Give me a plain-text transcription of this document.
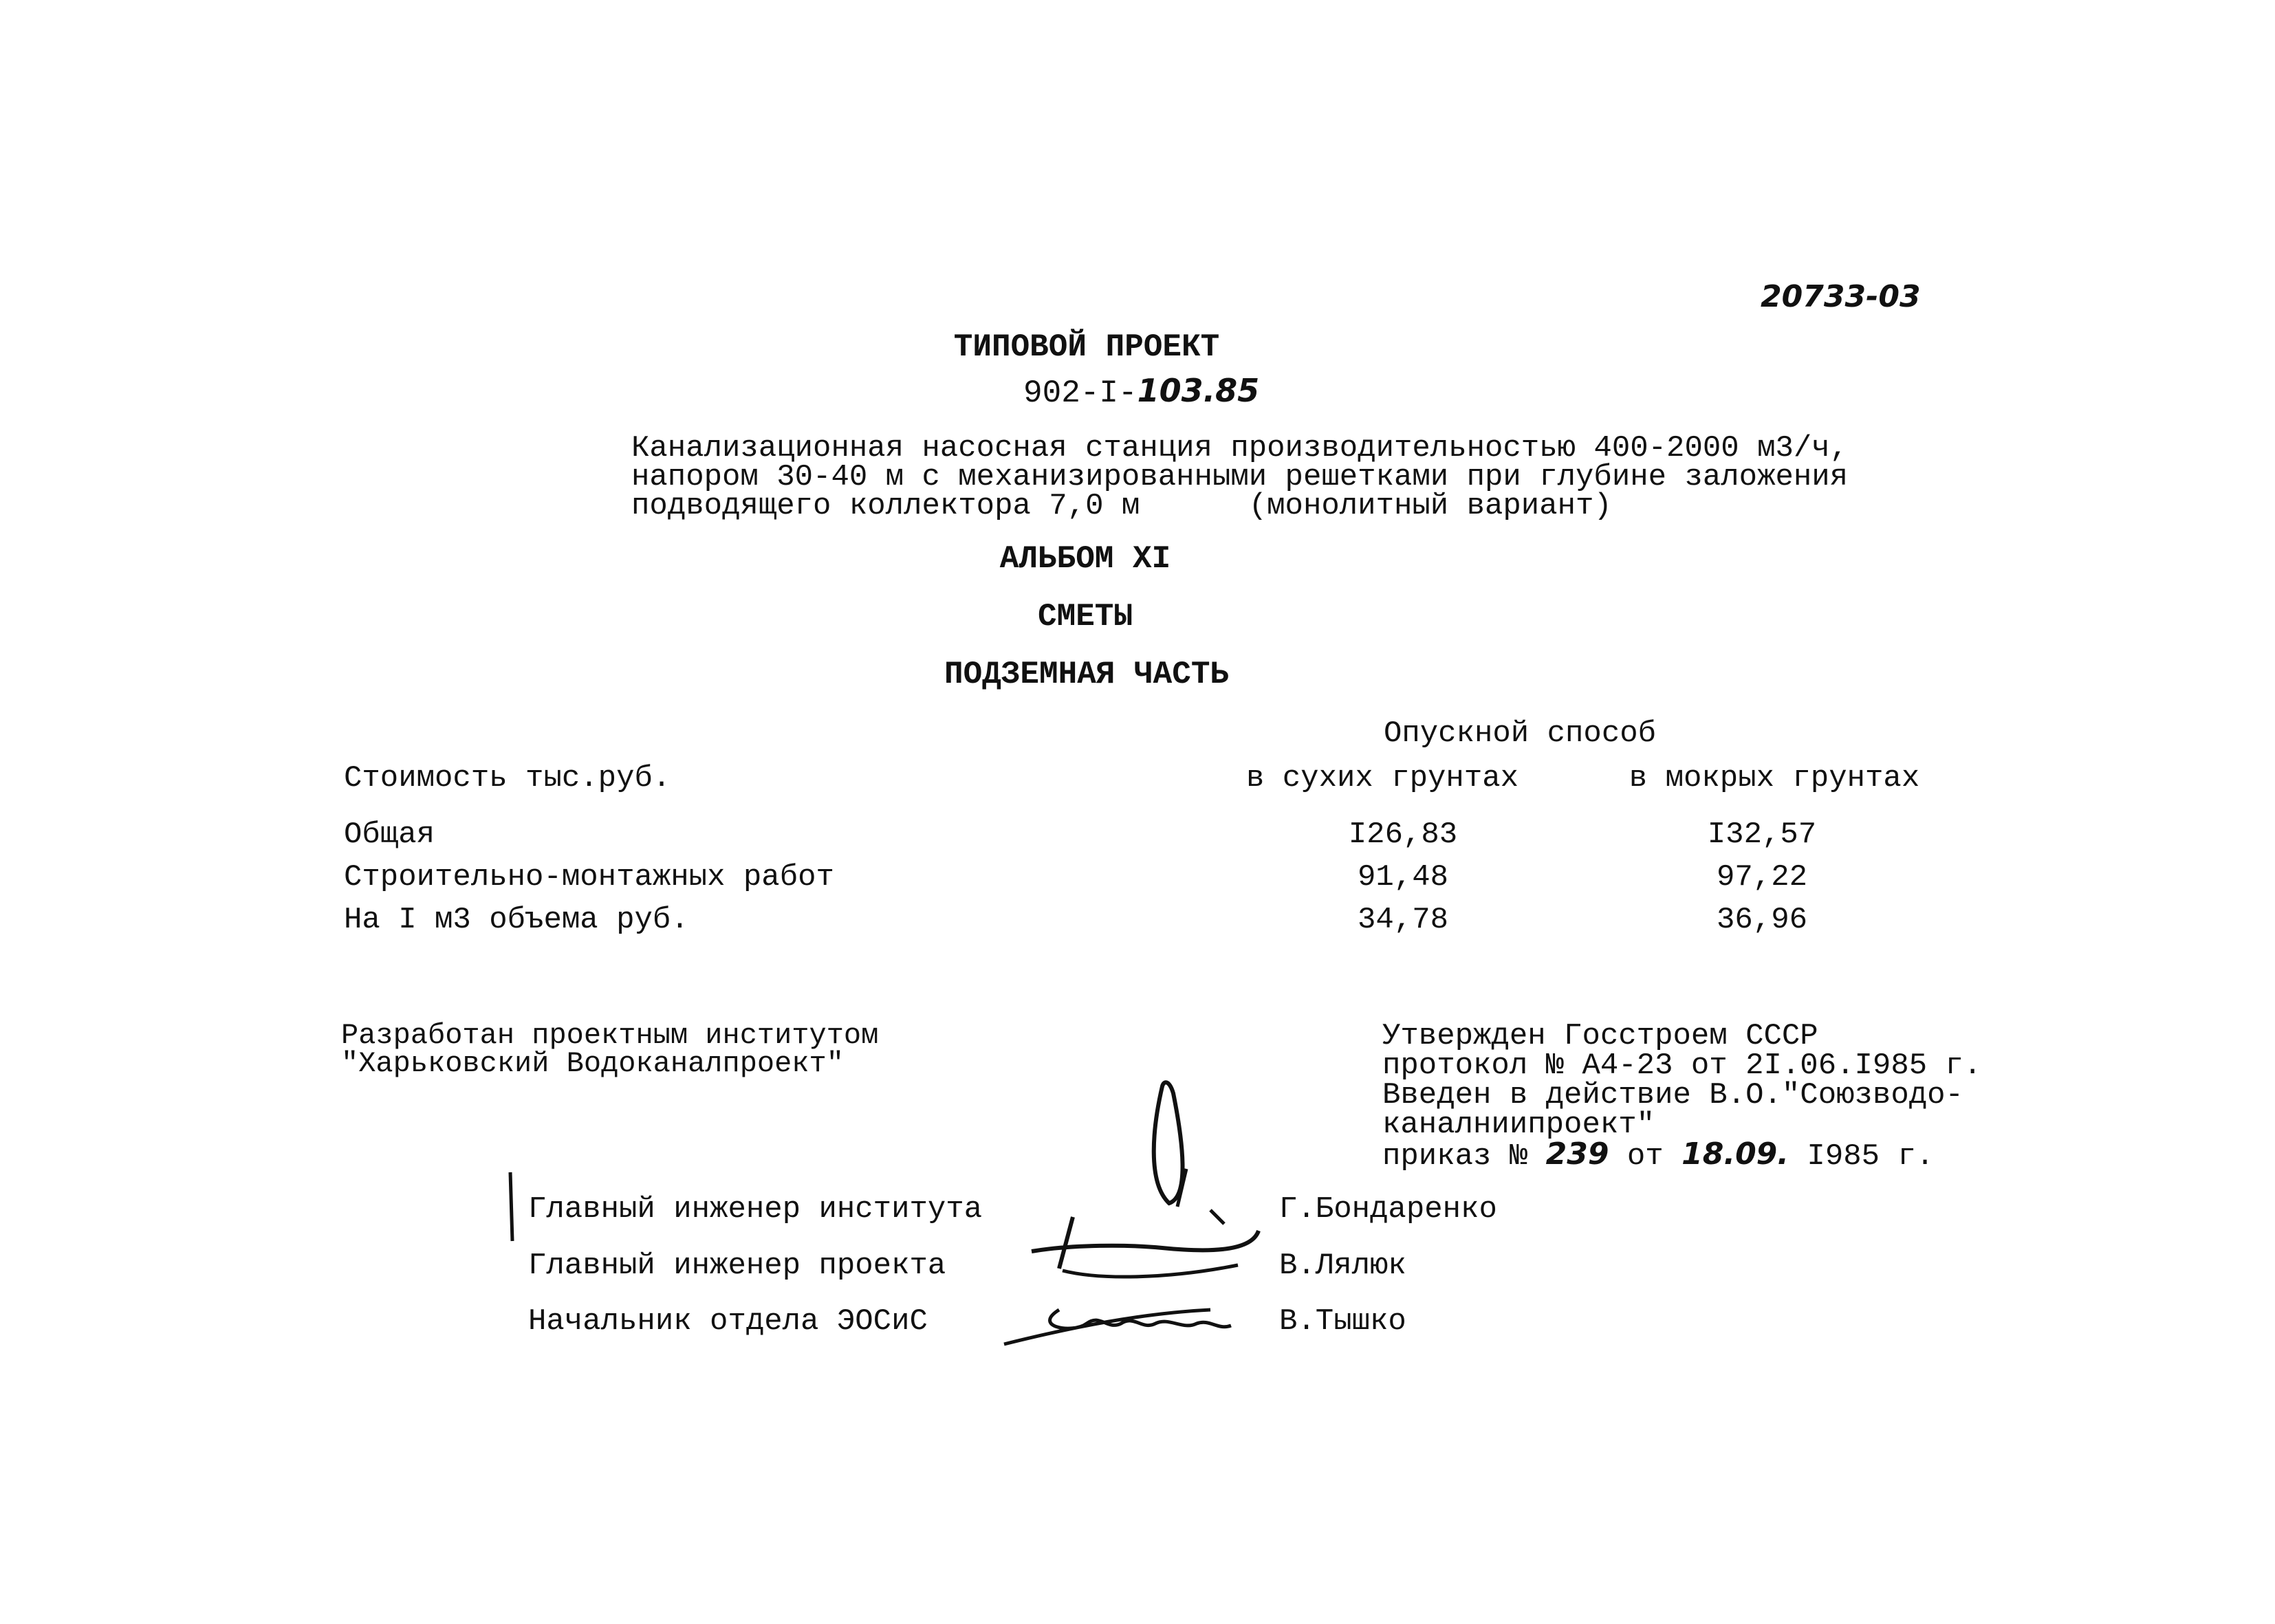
20733-03
ТИПОВОЙ ПРОЕКТ
902-I-103.85
Канализационная насосная станция производительностью 400-2000 м3/ч,
напором 30-40 м с механизированными решетками при глубине заложения
подводящего коллектора 7,0 м      (монолитный вариант)
АЛЬБОМ XI
СМЕТЫ
ПОДЗЕМНАЯ ЧАСТЬ
Опускной способ
Стоимость тыс.руб.	в сухих грунтах	в мокрых грунтах
Общая	I26,83	I32,57
Строительно-монтажных работ	91,48	97,22
На I м3 объема руб.	34,78	36,96
Разработан проектным институтом
"Харьковский Водоканалпроект"
Утвержден Госстроем СССР
протокол № А4-23 от 2I.06.I985 г.
Введен в действие В.О."Союзводо-
каналниипроект"
приказ № 239 от 18.09. I985 г.
Главный инженер института	Г.Бондаренко
Главный инженер проекта	В.Лялюк
Начальник отдела ЭОСиС	В.Тышко
